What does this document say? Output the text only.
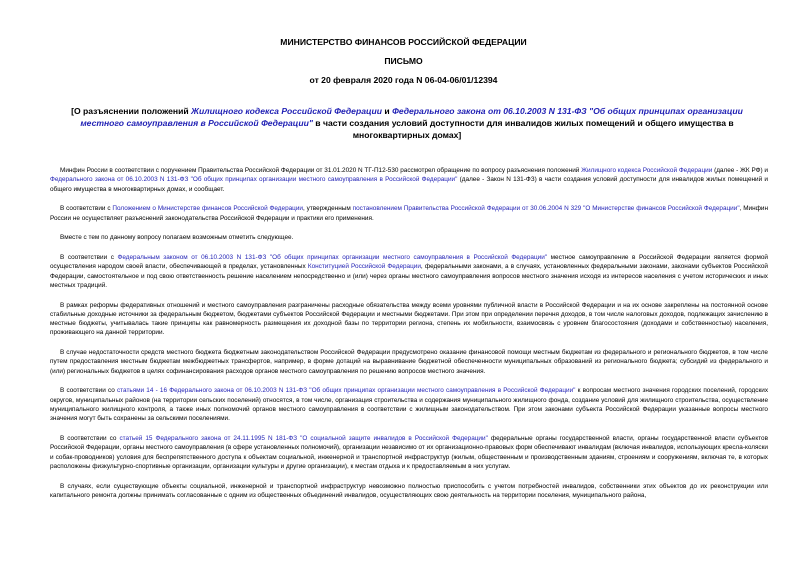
МИНИСТЕРСТВО ФИНАНСОВ РОССИЙСКОЙ ФЕДЕРАЦИИ
ПИСЬМО
от 20 февраля 2020 года N 06-04-06/01/12394
[О разъяснении положений Жилищного кодекса Российской Федерации и Федерального закона от 06.10.2003 N 131-ФЗ "Об общих принципах организации местного самоуправления в Российской Федерации" в части создания условий доступности для инвалидов жилых помещений и общего имущества в многоквартирных домах]

Минфин России в соответствии с поручением Правительства Российской Федерации от 31.01.2020 N ТГ-П12-530 рассмотрел обращение по вопросу разъяснения положений Жилищного кодекса Российской Федерации (далее - ЖК РФ) и Федерального закона от 06.10.2003 N 131-ФЗ "Об общих принципах организации местного самоуправления в Российской Федерации" (далее - Закон N 131-ФЗ) в части создания условий доступности для инвалидов жилых помещений и общего имущества в многоквартирных домах, и сообщает.

В соответствии с Положением о Министерстве финансов Российской Федерации, утвержденным постановлением Правительства Российской Федерации от 30.06.2004 N 329 "О Министерстве финансов Российской Федерации", Минфин России не осуществляет разъяснений законодательства Российской Федерации и практики его применения.

Вместе с тем по данному вопросу полагаем возможным отметить следующее.

В соответствии с Федеральным законом от 06.10.2003 N 131-ФЗ "Об общих принципах организации местного самоуправления в Российской Федерации" местное самоуправление в Российской Федерации является формой осуществления народом своей власти, обеспечивающей в пределах, установленных Конституцией Российской Федерации, федеральными законами, а в случаях, установленных федеральными законами, законами субъектов Российской Федерации, самостоятельное и под свою ответственность решение населением непосредственно и (или) через органы местного самоуправления вопросов местного значения исходя из интересов населения с учетом исторических и иных местных традиций.

В рамках реформы федеративных отношений и местного самоуправления разграничены расходные обязательства между всеми уровнями публичной власти в Российской Федерации и на их основе закреплены на постоянной основе стабильные доходные источники за федеральным бюджетом, бюджетами субъектов Российской Федерации и местными бюджетами. При этом при определении перечня доходов, в том числе налоговых доходов, подлежащих зачислению в местные бюджеты, учитывалась такие принципы как равномерность размещения их доходной базы по территории региона, степень их мобильности, взаимосвязь с уровнем благосостояния (доходами и собственностью) населения, проживающего на данной территории.

В случае недостаточности средств местного бюджета бюджетным законодательством Российской Федерации предусмотрено оказание финансовой помощи местным бюджетам из федерального и регионального бюджетов, в том числе путем предоставления местным бюджетам межбюджетных трансфертов, например, в форме дотаций на выравнивание бюджетной обеспеченности муниципальных образований из регионального бюджета; субсидий из федерального и (или) региональных бюджетов в целях софинансирования расходов органов местного самоуправления по решению вопросов местного значения.

В соответствии со статьями 14 - 16 Федерального закона от 06.10.2003 N 131-ФЗ "Об общих принципах организации местного самоуправления в Российской Федерации" к вопросам местного значения городских поселений, городских округов, муниципальных районов (на территории сельских поселений) относятся, в том числе, организация строительства и содержания муниципального жилищного фонда, создание условий для жилищного строительства, осуществление муниципального жилищного контроля, а также иных полномочий органов местного самоуправления в соответствии с жилищным законодательством. При этом законами субъекта Российской Федерации указанные вопросы местного значения могут быть сохранены за сельскими поселениями.

В соответствии со статьей 15 Федерального закона от 24.11.1995 N 181-ФЗ "О социальной защите инвалидов в Российской Федерации" федеральные органы государственной власти, органы государственной власти субъектов Российской Федерации, органы местного самоуправления (в сфере установленных полномочий), организации независимо от их организационно-правовых форм обеспечивают инвалидам (включая инвалидов, использующих кресла-коляски и собак-проводников) условия для беспрепятственного доступа к объектам социальной, инженерной и транспортной инфраструктур (жилым, общественным и производственным зданиям, строениям и сооружениям, включая те, в которых расположены физкультурно-спортивные организации, организации культуры и другие организации), к местам отдыха и к предоставляемым в них услугам.

В случаях, если существующие объекты социальной, инженерной и транспортной инфраструктур невозможно полностью приспособить с учетом потребностей инвалидов, собственники этих объектов до их реконструкции или капитального ремонта должны принимать согласованные с одним из общественных объединений инвалидов, осуществляющих свою деятельность на территории поселения, муниципального района,
